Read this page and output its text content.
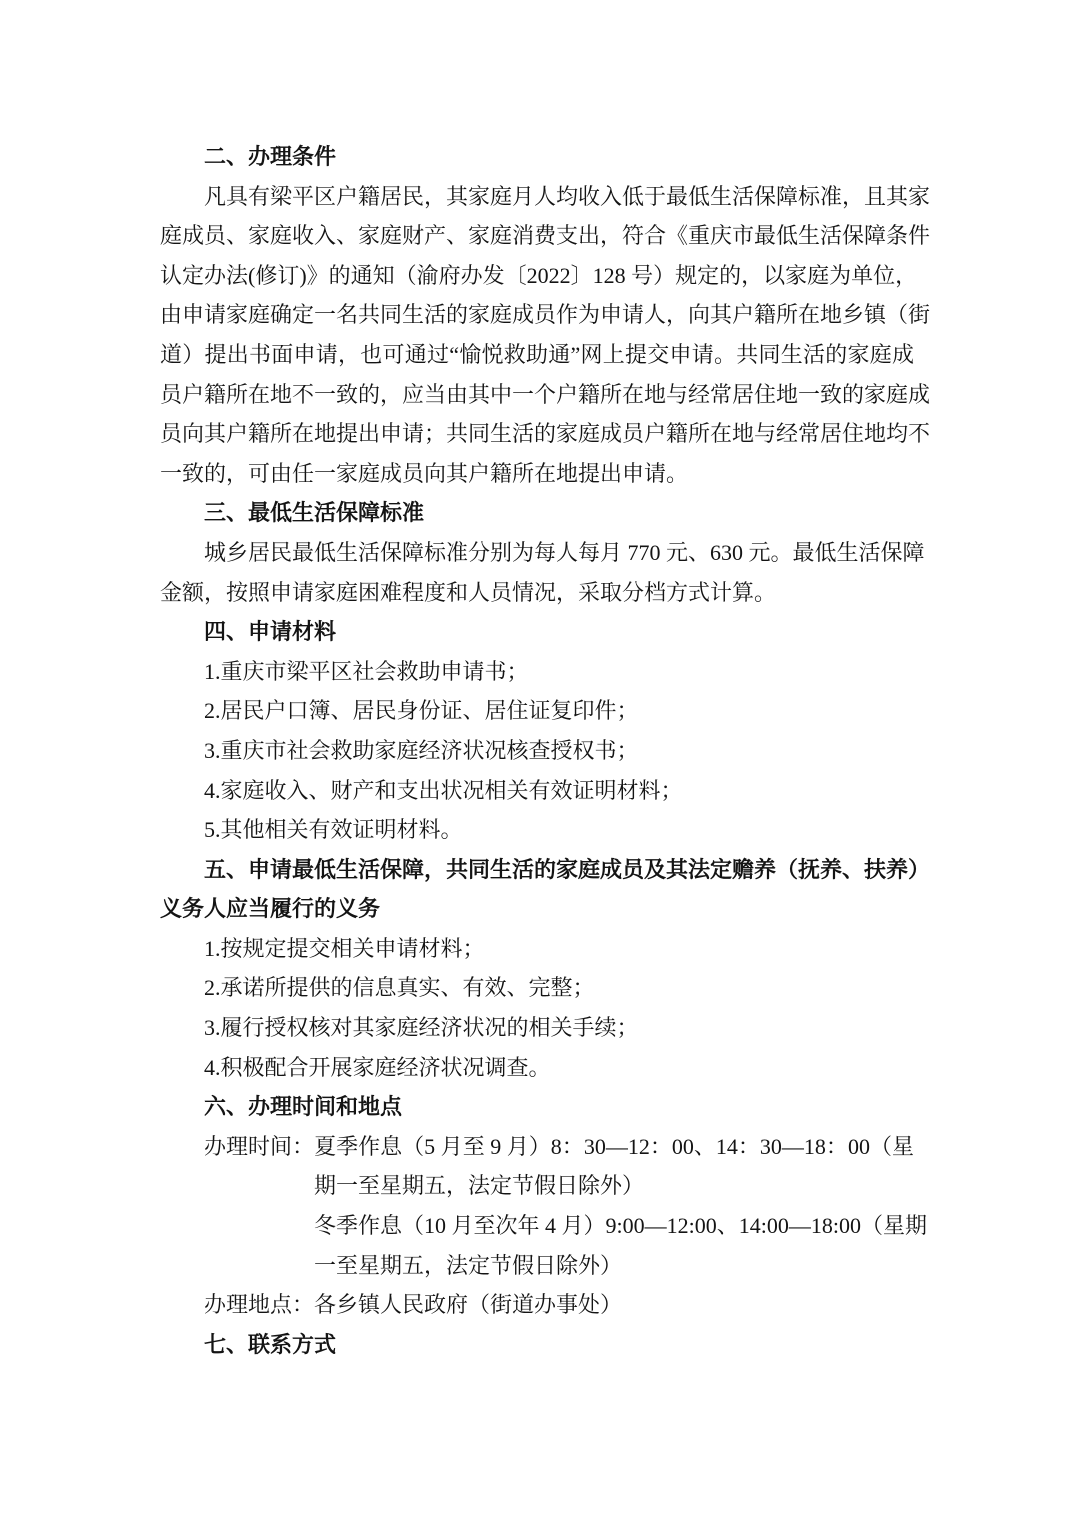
二、办理条件
凡具有梁平区户籍居民，其家庭月人均收入低于最低生活保障标准，且其家
庭成员、家庭收入、家庭财产、家庭消费支出，符合《重庆市最低生活保障条件
认定办法(修订)》的通知（渝府办发〔2022〕128 号）规定的，以家庭为单位，
由申请家庭确定一名共同生活的家庭成员作为申请人，向其户籍所在地乡镇（街
道）提出书面申请，也可通过“愉悦救助通”网上提交申请。共同生活的家庭成
员户籍所在地不一致的，应当由其中一个户籍所在地与经常居住地一致的家庭成
员向其户籍所在地提出申请；共同生活的家庭成员户籍所在地与经常居住地均不
一致的，可由任一家庭成员向其户籍所在地提出申请。
三、最低生活保障标准
城乡居民最低生活保障标准分别为每人每月 770 元、630 元。最低生活保障
金额，按照申请家庭困难程度和人员情况，采取分档方式计算。
四、申请材料
1.重庆市梁平区社会救助申请书；
2.居民户口簿、居民身份证、居住证复印件；
3.重庆市社会救助家庭经济状况核查授权书；
4.家庭收入、财产和支出状况相关有效证明材料；
5.其他相关有效证明材料。
五、申请最低生活保障，共同生活的家庭成员及其法定赡养（抚养、扶养）
义务人应当履行的义务
1.按规定提交相关申请材料；
2.承诺所提供的信息真实、有效、完整；
3.履行授权核对其家庭经济状况的相关手续；
4.积极配合开展家庭经济状况调查。
六、办理时间和地点
办理时间：夏季作息（5 月至 9 月）8：30—12：00、14：30—18：00（星
期一至星期五，法定节假日除外）
冬季作息（10 月至次年 4 月）9:00—12:00、14:00—18:00（星期
一至星期五，法定节假日除外）
办理地点：各乡镇人民政府（街道办事处）
七、联系方式
